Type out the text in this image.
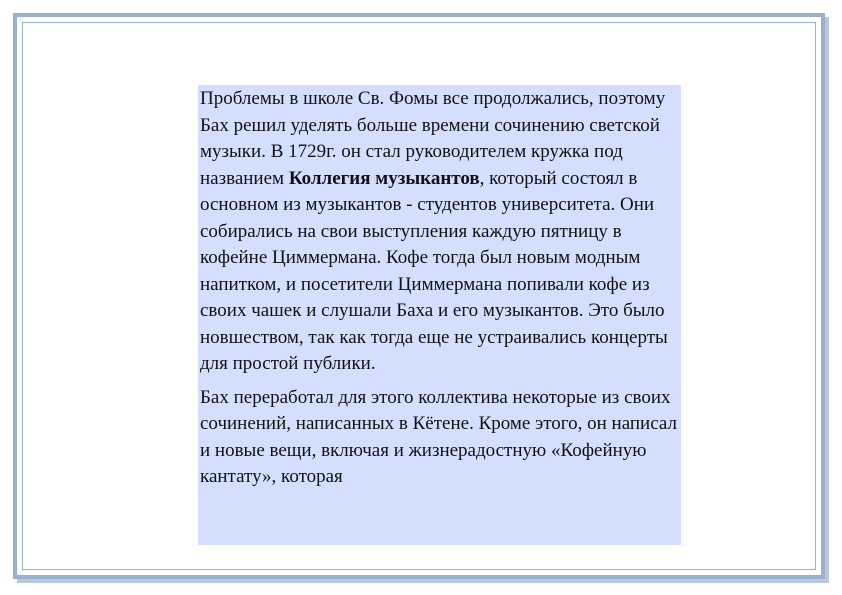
Проблемы в школе Св. Фомы все продолжались, поэтому Бах решил уделять больше времени сочинению светской музыки. В 1729г. он стал руководителем кружка под названием Коллегия музыкантов, который состоял в основном из музыкантов - студентов университета. Они собирались на свои выступления каждую пятницу в кофейне Циммермана. Кофе тогда был новым модным напитком, и посетители Циммермана попивали кофе из своих чашек и слушали Баха и его музыкантов. Это было новшеством, так как тогда еще не устраивались концерты для простой публики.

Бах переработал для этого коллектива некоторые из своих сочинений, написанных в Кётене. Кроме этого, он написал и новые вещи, включая и жизнерадостную «Кофейную кантату», которая
